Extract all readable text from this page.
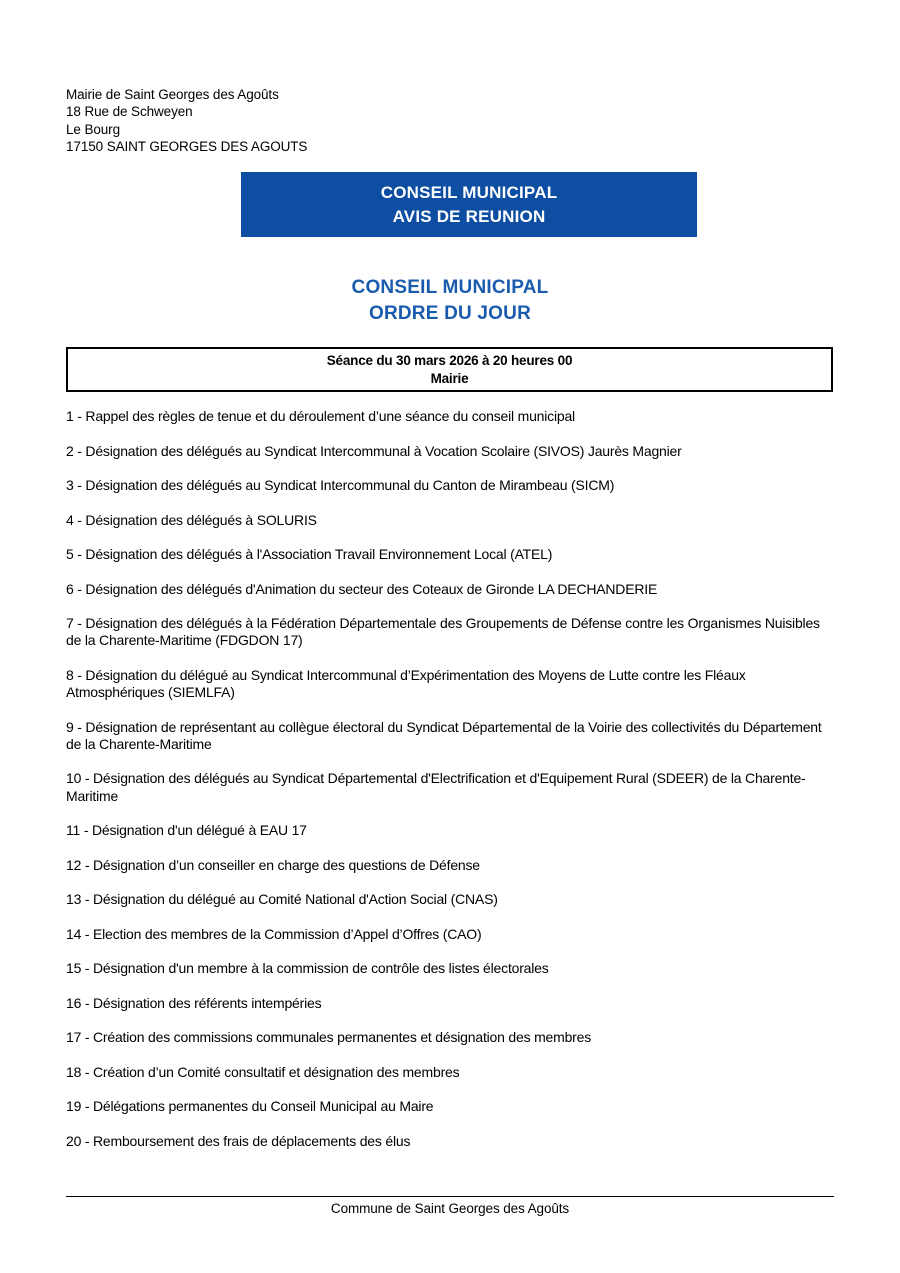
Mairie de Saint Georges des Agoûts
18 Rue de Schweyen
Le Bourg
17150 SAINT GEORGES DES AGOUTS
CONSEIL MUNICIPAL
AVIS DE REUNION
CONSEIL MUNICIPAL
ORDRE DU JOUR
Séance du 30 mars 2026 à 20 heures 00
Mairie

1 - Rappel des règles de tenue et du déroulement d’une séance du conseil municipal

2 - Désignation des délégués au Syndicat Intercommunal à Vocation Scolaire (SIVOS) Jaurès Magnier

3 - Désignation des délégués au Syndicat Intercommunal du Canton de Mirambeau (SICM)

4 - Désignation des délégués à SOLURIS

5 - Désignation des délégués à l'Association Travail Environnement Local (ATEL)

6 - Désignation des délégués d'Animation du secteur des Coteaux de Gironde LA DECHANDERIE

7 - Désignation des délégués à la Fédération Départementale des Groupements de Défense contre les Organismes Nuisibles de la Charente-Maritime (FDGDON 17)

8 - Désignation du délégué au Syndicat Intercommunal d’Expérimentation des Moyens de Lutte contre les Fléaux Atmosphériques (SIEMLFA)

9 - Désignation de représentant au collègue électoral du Syndicat Départemental de la Voirie des collectivités du Département de la Charente-Maritime

10 - Désignation des délégués au Syndicat Départemental d'Electrification et d'Equipement Rural (SDEER) de la Charente-Maritime

11 - Désignation d'un délégué à EAU 17

12 - Désignation d’un conseiller en charge des questions de Défense

13 - Désignation du délégué au Comité National d'Action Social (CNAS)

14 - Election des membres de la Commission d’Appel d’Offres (CAO)

15 - Désignation d'un membre à la commission de contrôle des listes électorales

16 - Désignation des référents intempéries

17 - Création des commissions communales permanentes et désignation des membres

18 - Création d’un Comité consultatif et désignation des membres

19 - Délégations permanentes du Conseil Municipal au Maire

20 - Remboursement des frais de déplacements des élus

Commune de Saint Georges des Agoûts
